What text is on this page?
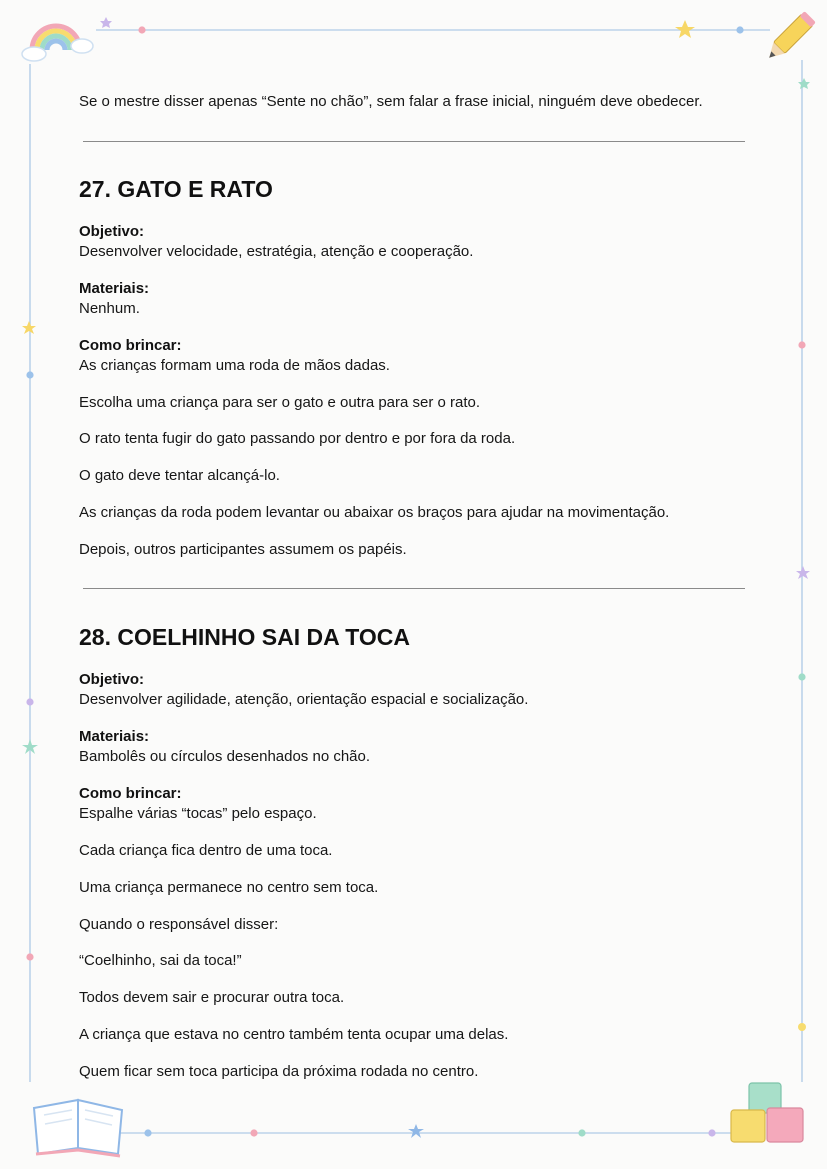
Se o mestre disser apenas “Sente no chão”, sem falar a frase inicial, ninguém deve obedecer.

27. GATO E RATO

Objetivo:

Desenvolver velocidade, estratégia, atenção e cooperação.

Materiais:

Nenhum.

Como brincar:

As crianças formam uma roda de mãos dadas.

Escolha uma criança para ser o gato e outra para ser o rato.

O rato tenta fugir do gato passando por dentro e por fora da roda.

O gato deve tentar alcançá-lo.

As crianças da roda podem levantar ou abaixar os braços para ajudar na movimentação.

Depois, outros participantes assumem os papéis.

28. COELHINHO SAI DA TOCA

Objetivo:

Desenvolver agilidade, atenção, orientação espacial e socialização.

Materiais:

Bambolês ou círculos desenhados no chão.

Como brincar:

Espalhe várias “tocas” pelo espaço.

Cada criança fica dentro de uma toca.

Uma criança permanece no centro sem toca.

Quando o responsável disser:

“Coelhinho, sai da toca!”

Todos devem sair e procurar outra toca.

A criança que estava no centro também tenta ocupar uma delas.

Quem ficar sem toca participa da próxima rodada no centro.
